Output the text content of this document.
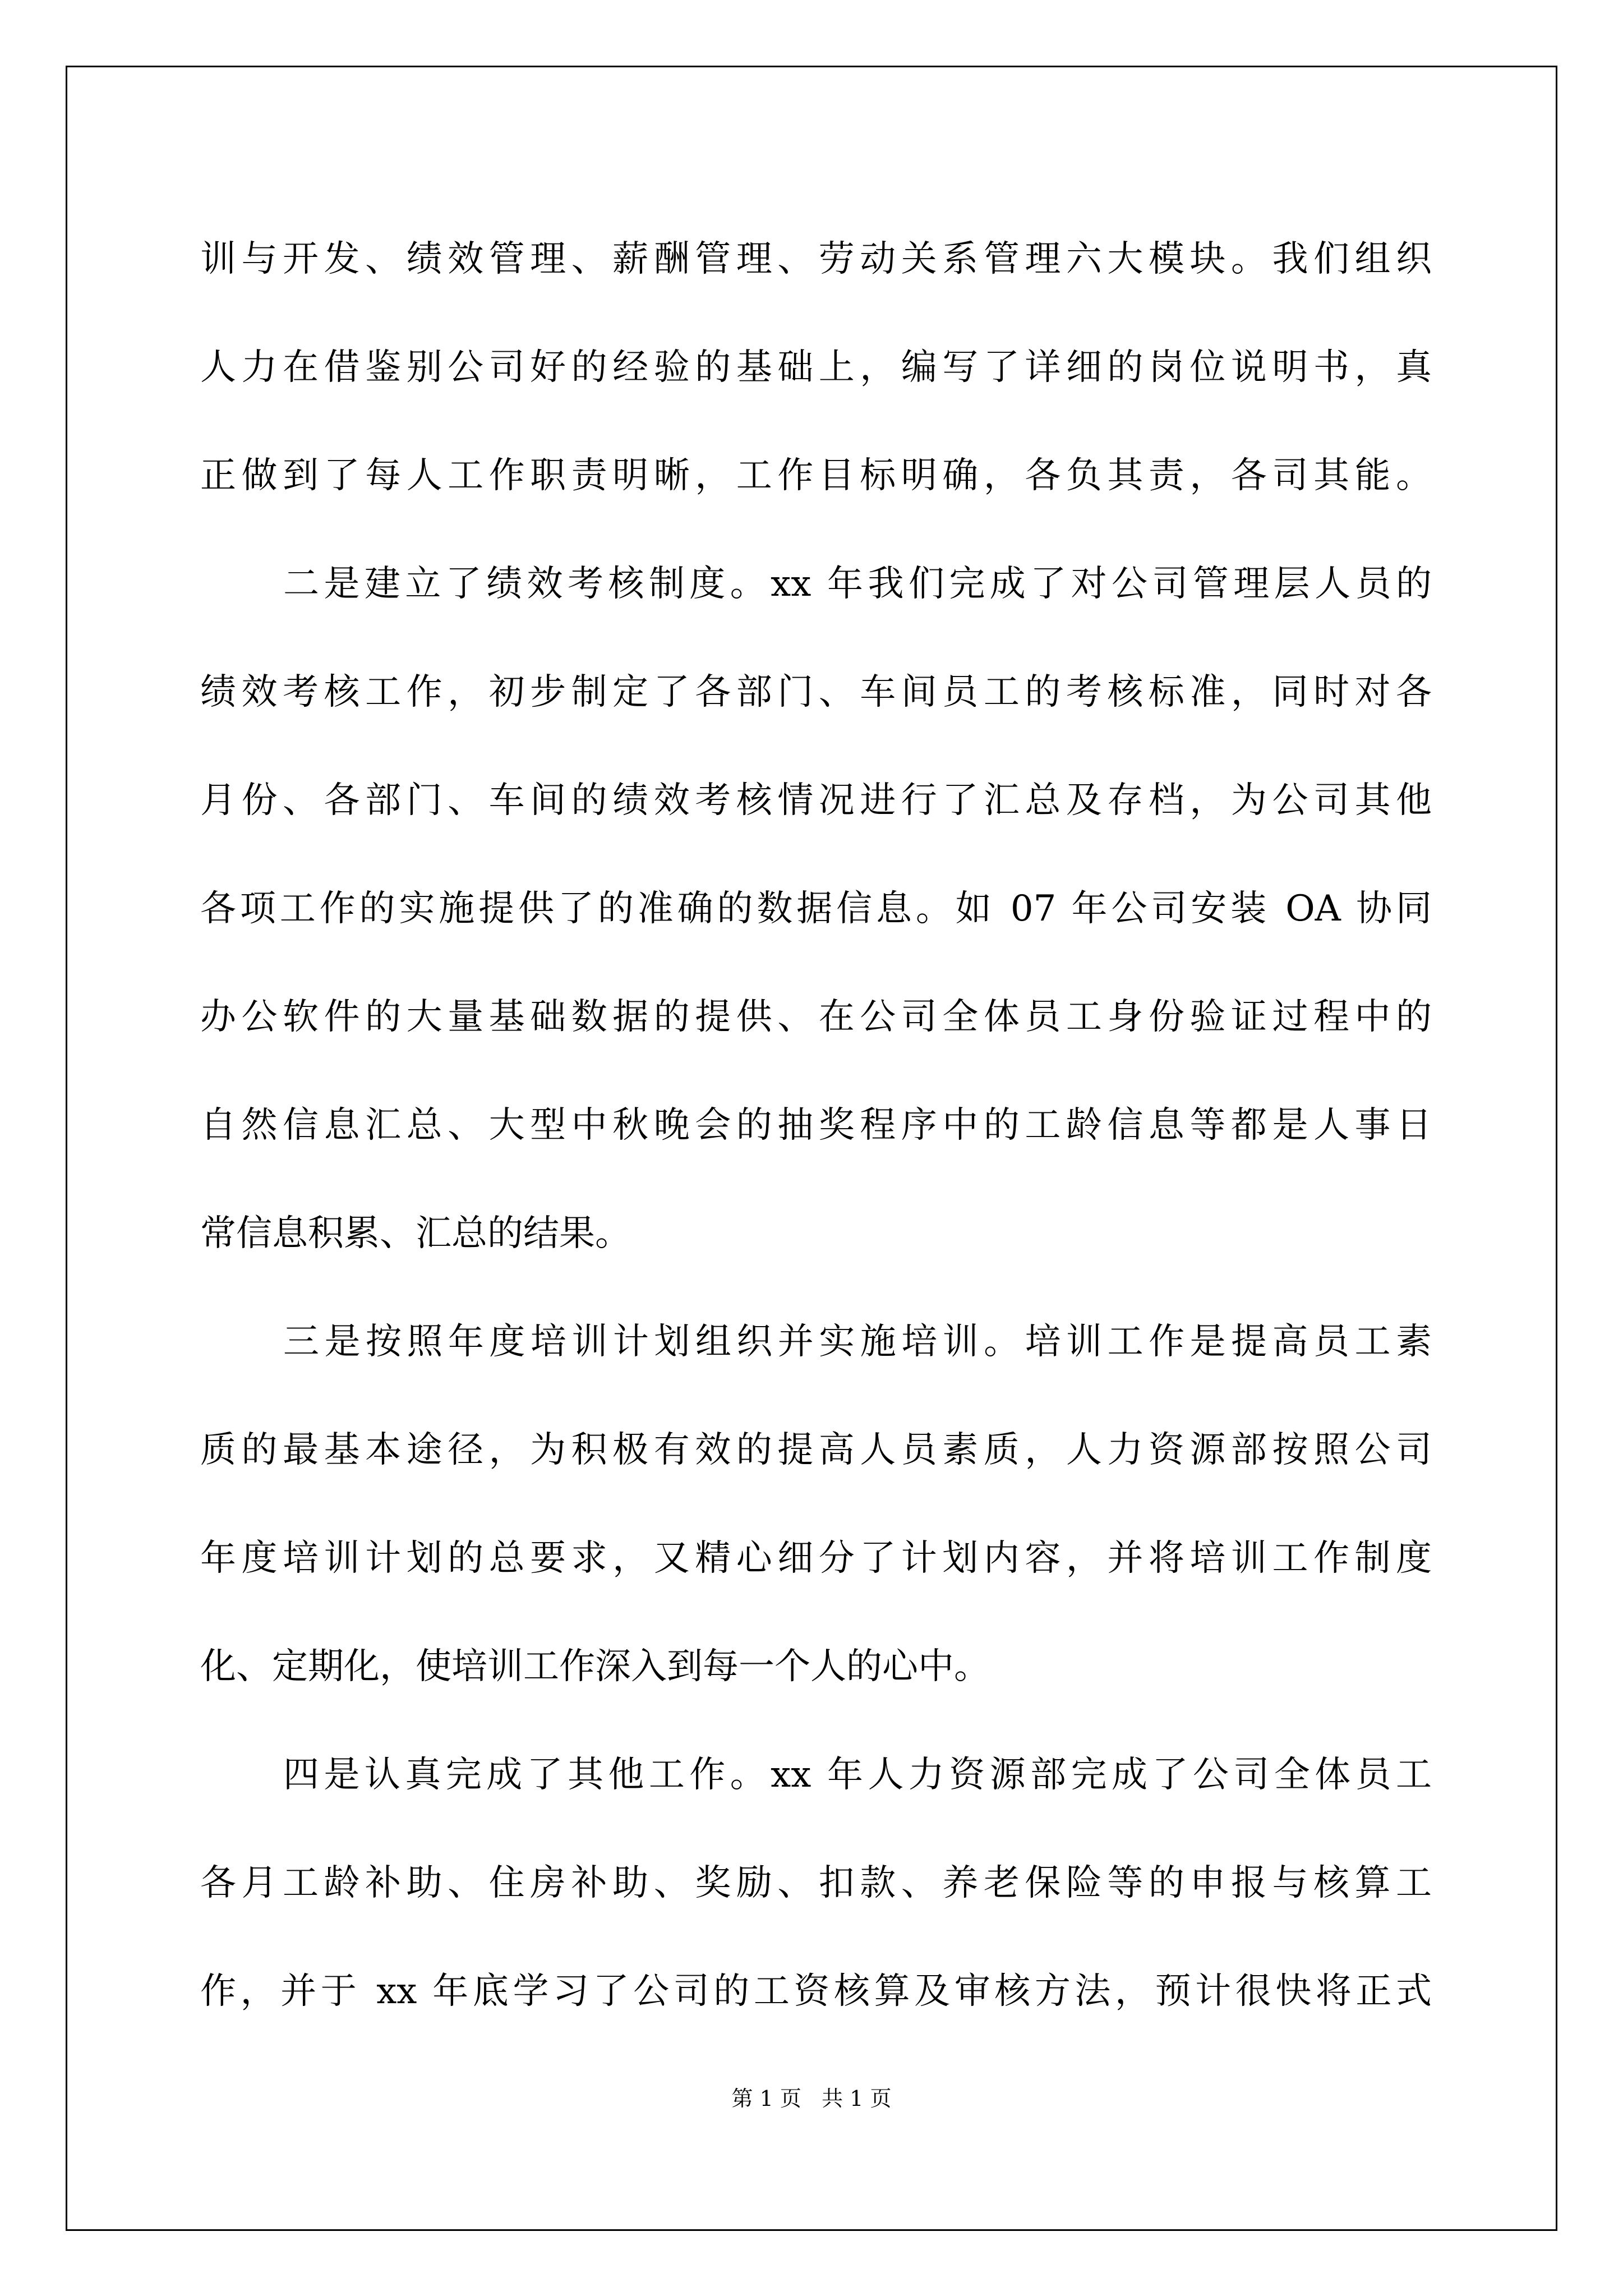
训与开发、绩效管理、薪酬管理、劳动关系管理六大模块。我们组织
人力在借鉴别公司好的经验的基础上，编写了详细的岗位说明书，真
正做到了每人工作职责明晰，工作目标明确，各负其责，各司其能。
二是建立了绩效考核制度。xx 年我们完成了对公司管理层人员的
绩效考核工作，初步制定了各部门、车间员工的考核标准，同时对各
月份、各部门、车间的绩效考核情况进行了汇总及存档，为公司其他
各项工作的实施提供了的准确的数据信息。如 07 年公司安装 OA 协同
办公软件的大量基础数据的提供、在公司全体员工身份验证过程中的
自然信息汇总、大型中秋晚会的抽奖程序中的工龄信息等都是人事日
常信息积累、汇总的结果。
三是按照年度培训计划组织并实施培训。培训工作是提高员工素
质的最基本途径，为积极有效的提高人员素质，人力资源部按照公司
年度培训计划的总要求，又精心细分了计划内容，并将培训工作制度
化、定期化，使培训工作深入到每一个人的心中。
四是认真完成了其他工作。xx 年人力资源部完成了公司全体员工
各月工龄补助、住房补助、奖励、扣款、养老保险等的申报与核算工
作，并于 xx 年底学习了公司的工资核算及审核方法，预计很快将正式
第 1 页   共 1 页
